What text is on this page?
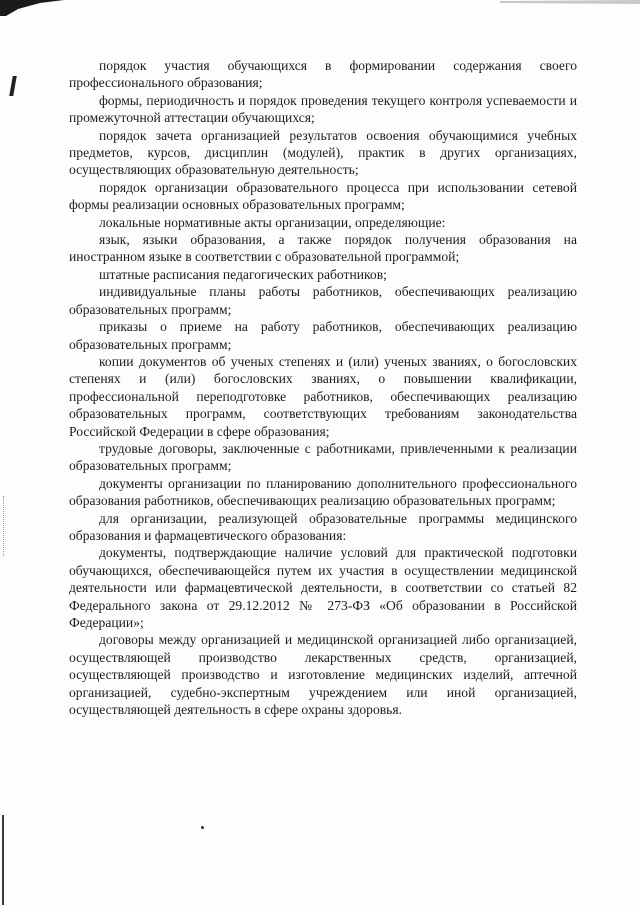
порядок участия обучающихся в формировании содержания своего профессионального образования;

формы, периодичность и порядок проведения текущего контроля успеваемости и промежуточной аттестации обучающихся;

порядок зачета организацией результатов освоения обучающимися учебных предметов, курсов, дисциплин (модулей), практик в других организациях, осуществляющих образовательную деятельность;

порядок организации образовательного процесса при использовании сетевой формы реализации основных образовательных программ;

локальные нормативные акты организации, определяющие:

язык, языки образования, а также порядок получения образования на иностранном языке в соответствии с образовательной программой;

штатные расписания педагогических работников;

индивидуальные планы работы работников, обеспечивающих реализацию образовательных программ;

приказы о приеме на работу работников, обеспечивающих реализацию образовательных программ;

копии документов об ученых степенях и (или) ученых званиях, о богословских степенях и (или) богословских званиях, о повышении квалификации, профессиональной переподготовке работников, обеспечивающих реализацию образовательных программ, соответствующих требованиям законодательства Российской Федерации в сфере образования;

трудовые договоры, заключенные с работниками, привлеченными к реализации образовательных программ;

документы организации по планированию дополнительного профессионального образования работников, обеспечивающих реализацию образовательных программ;

для организации, реализующей образовательные программы медицинского образования и фармацевтического образования:

документы, подтверждающие наличие условий для практической подготовки обучающихся, обеспечивающейся путем их участия в осуществлении медицинской деятельности или фармацевтической деятельности, в соответствии со статьей 82 Федерального закона от 29.12.2012 № 273-ФЗ «Об образовании в Российской Федерации»;

договоры между организацией и медицинской организацией либо организацией, осуществляющей производство лекарственных средств, организацией, осуществляющей производство и изготовление медицинских изделий, аптечной организацией, судебно-экспертным учреждением или иной организацией, осуществляющей деятельность в сфере охраны здоровья.
